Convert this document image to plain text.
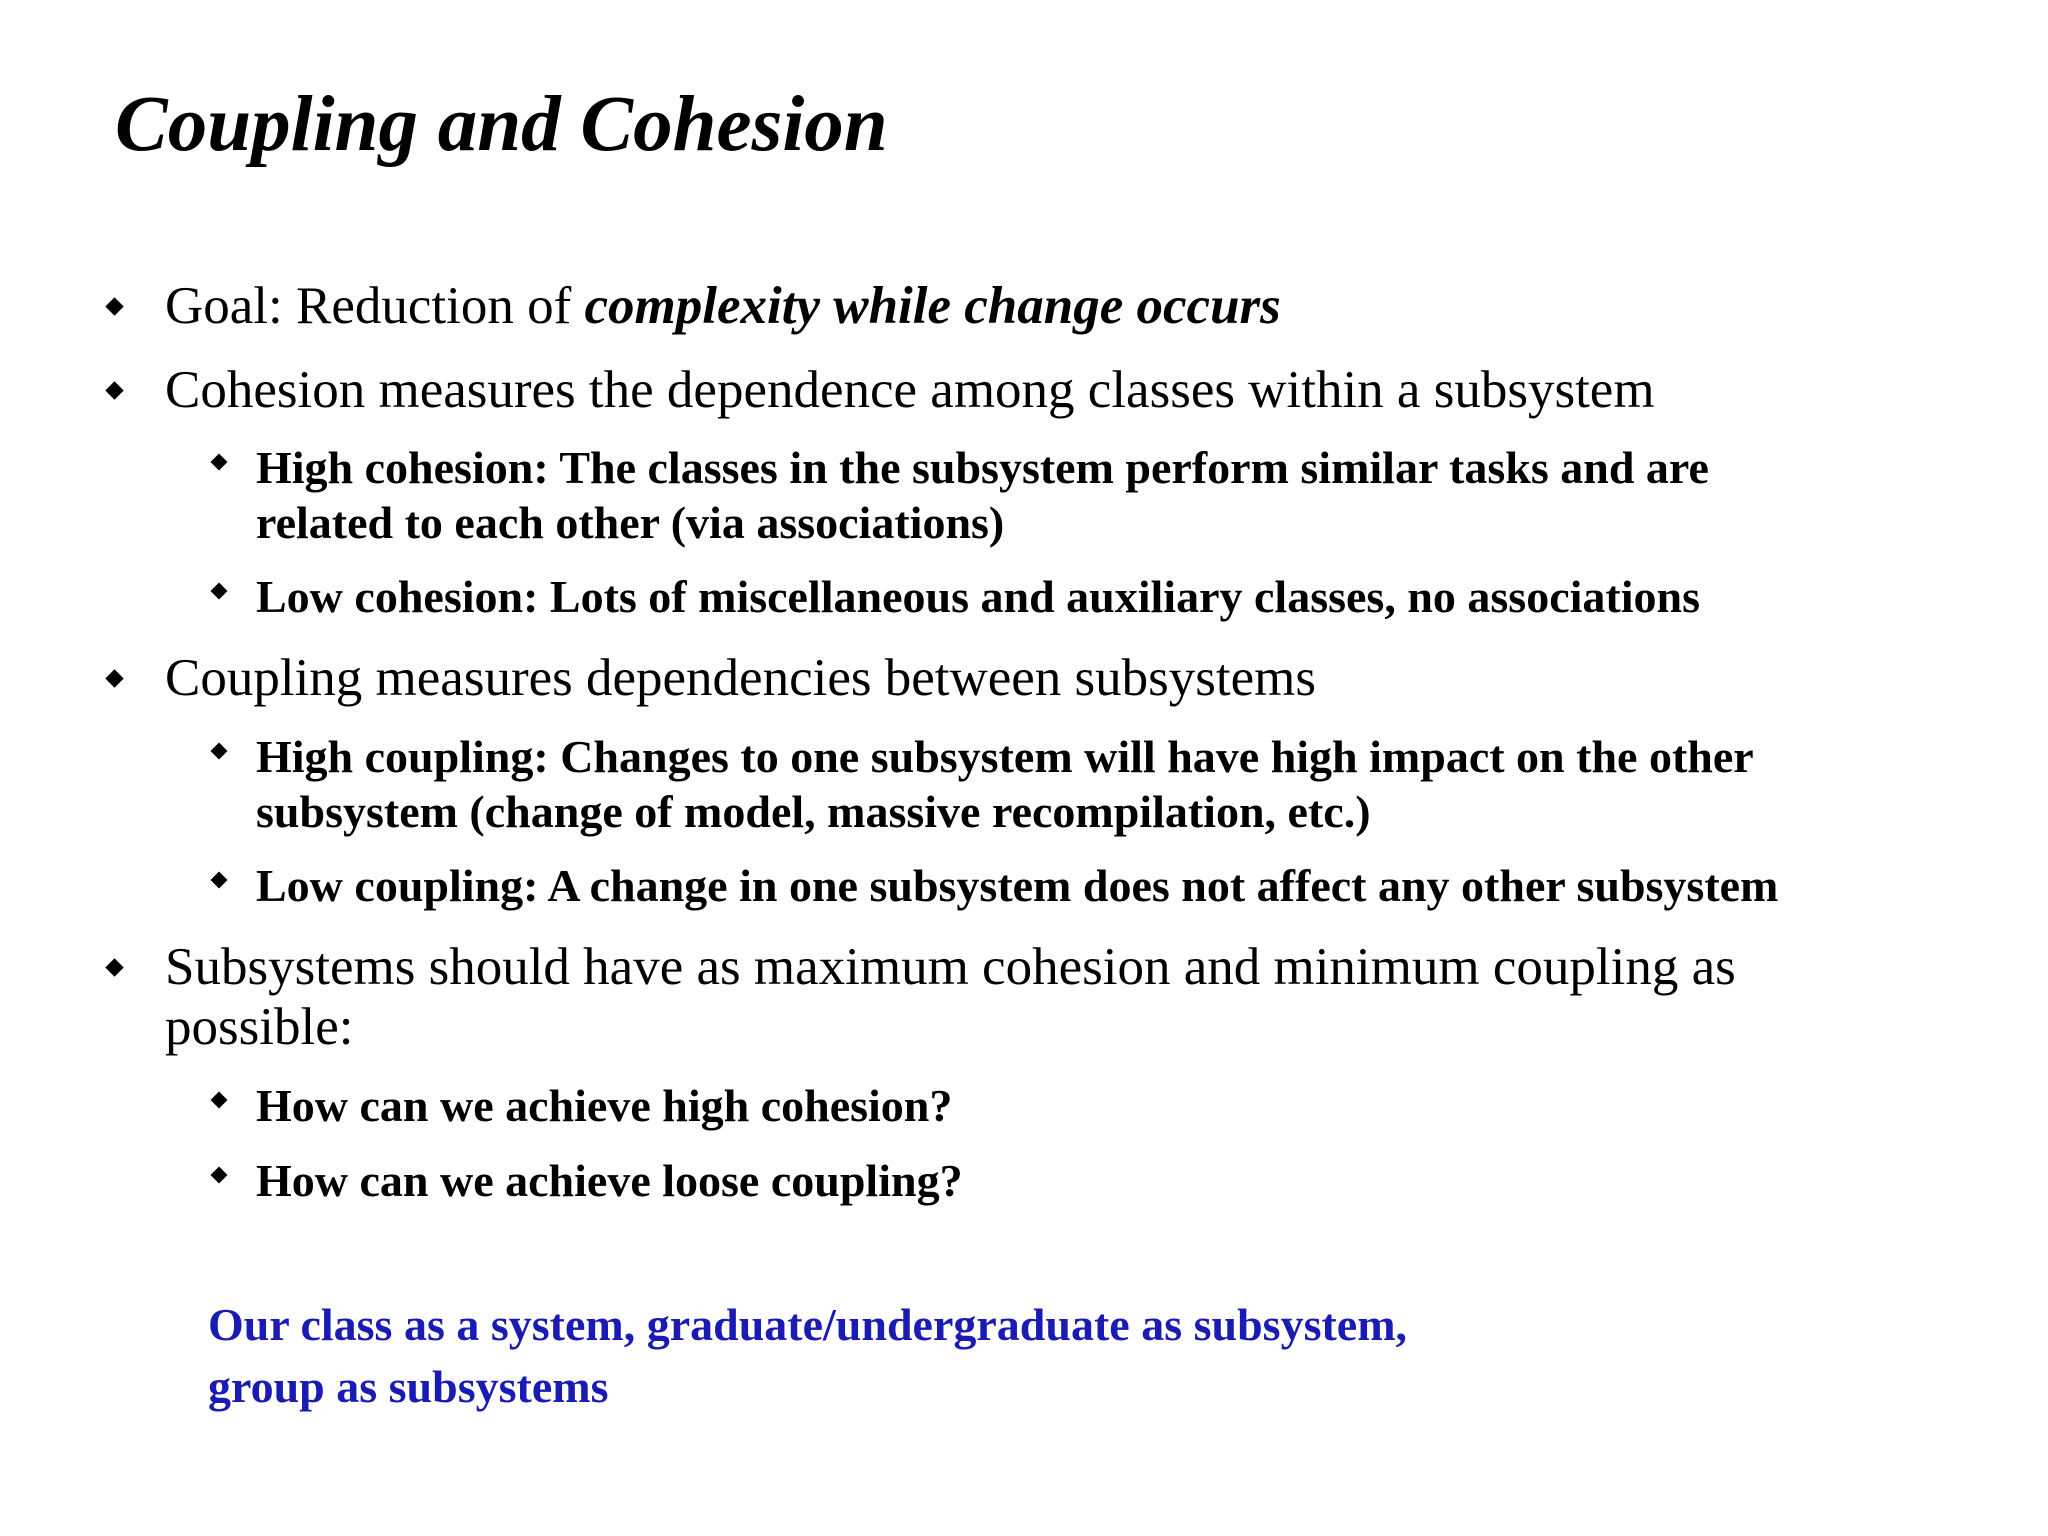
Coupling and Cohesion

Goal: Reduction of complexity while change occurs

Cohesion measures the dependence among classes within a subsystem

High cohesion: The classes in the subsystem perform similar tasks and are
related to each other (via associations)

Low cohesion: Lots of miscellaneous and auxiliary classes, no associations

Coupling measures dependencies between subsystems

High coupling: Changes to one subsystem will have high impact on the other
subsystem (change of model, massive recompilation, etc.)

Low coupling: A change in one subsystem does not affect any other subsystem

Subsystems should have as maximum cohesion and minimum coupling as
possible:

How can we achieve high cohesion?

How can we achieve loose coupling?

Our class as a system, graduate/undergraduate as subsystem,
group as subsystems
